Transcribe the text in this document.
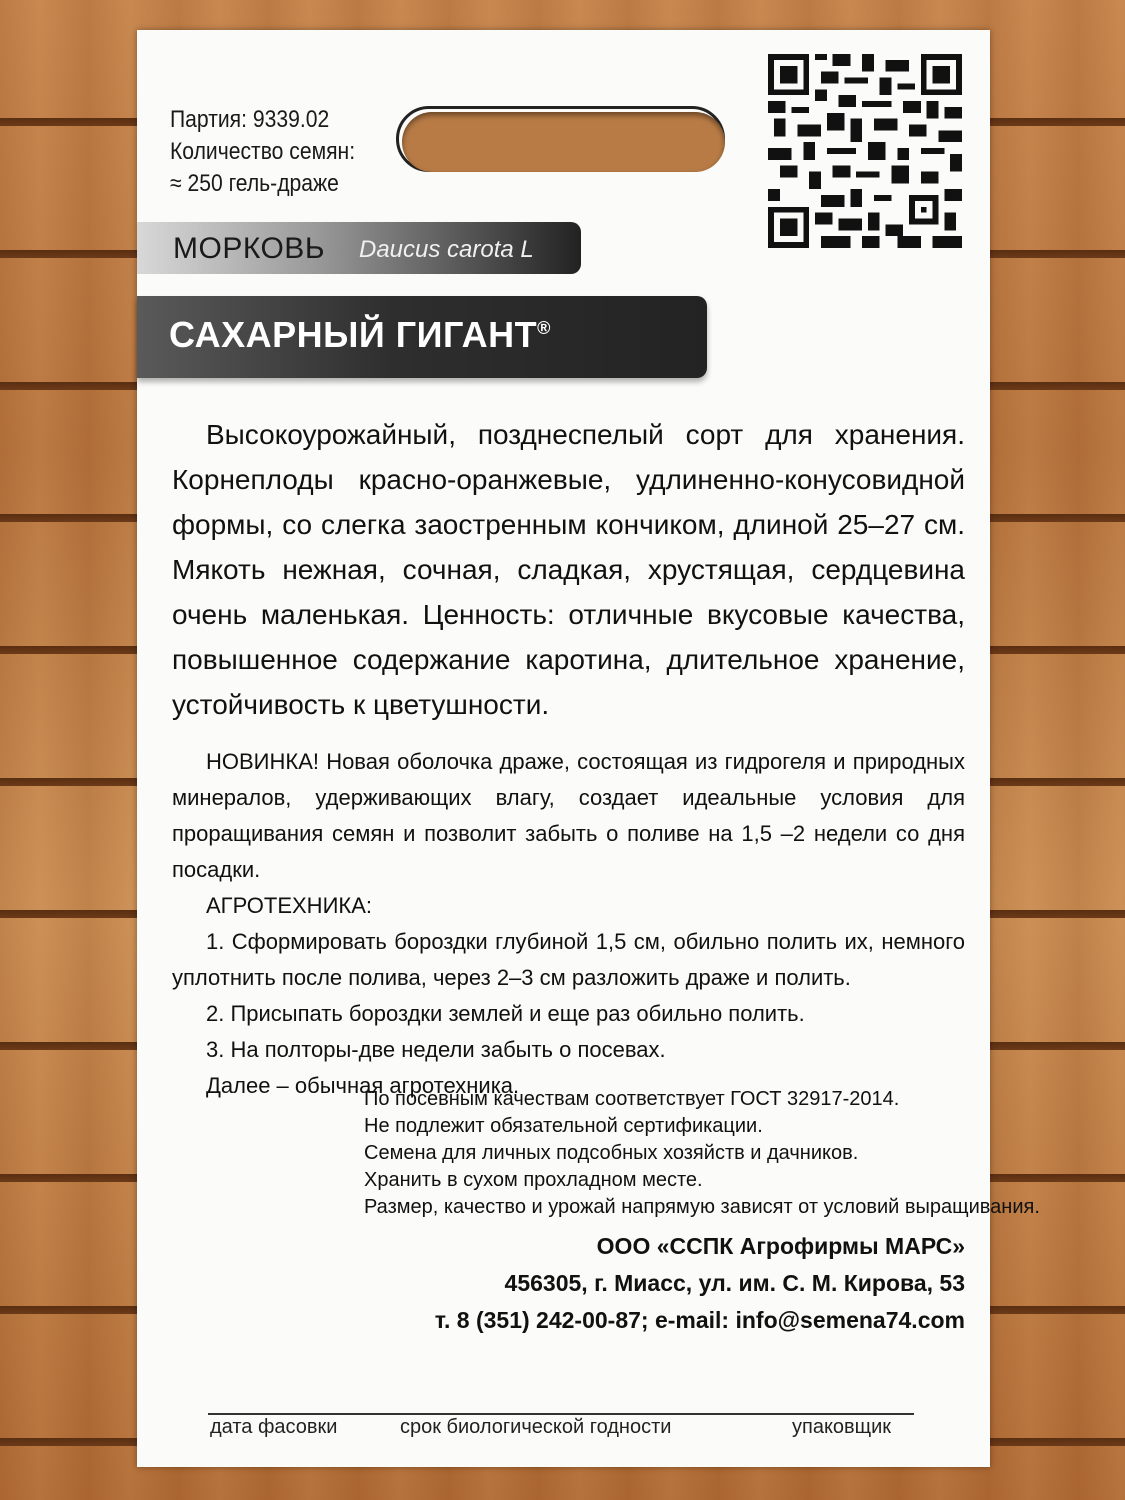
Партия: 9339.02
Количество семян:
≈ 250 гель-драже
МОРКОВЬ Daucus carota L
САХАРНЫЙ ГИГАНТ®

Высокоурожайный, позднеспелый сорт для хранения. Корнеплоды красно-оранжевые, удлиненно-конусовидной формы, со слегка заостренным кончиком, длиной 25–27 см. Мякоть нежная, сочная, сладкая, хрустящая, сердцевина очень маленькая. Ценность: отличные вкусовые качества, повышенное содержание каротина, длительное хранение, устойчивость к цветушности.

НОВИНКА! Новая оболочка драже, состоящая из гидрогеля и природных минералов, удерживающих влагу, создает идеальные условия для проращивания семян и позволит забыть о поливе на 1,5 –2 недели со дня посадки.

АГРОТЕХНИКА:

1. Сформировать бороздки глубиной 1,5 см, обильно полить их, немного уплотнить после полива, через 2–3 см разложить драже и полить.

2. Присыпать бороздки землей и еще раз обильно полить.

3. На полторы-две недели забыть о посевах.

Далее – обычная агротехника.

По посевным качествам соответствует ГОСТ 32917-2014.
Не подлежит обязательной сертификации.
Семена для личных подсобных хозяйств и дачников.
Хранить в сухом прохладном месте.
Размер, качество и урожай напрямую зависят от условий выращивания.
ООО «ССПК Агрофирмы МАРС»
456305, г. Миасс, ул. им. С. М. Кирова, 53
т. 8 (351) 242-00-87; e-mail: info@semena74.com
дата фасовки	срок биологической годности	упаковщик
